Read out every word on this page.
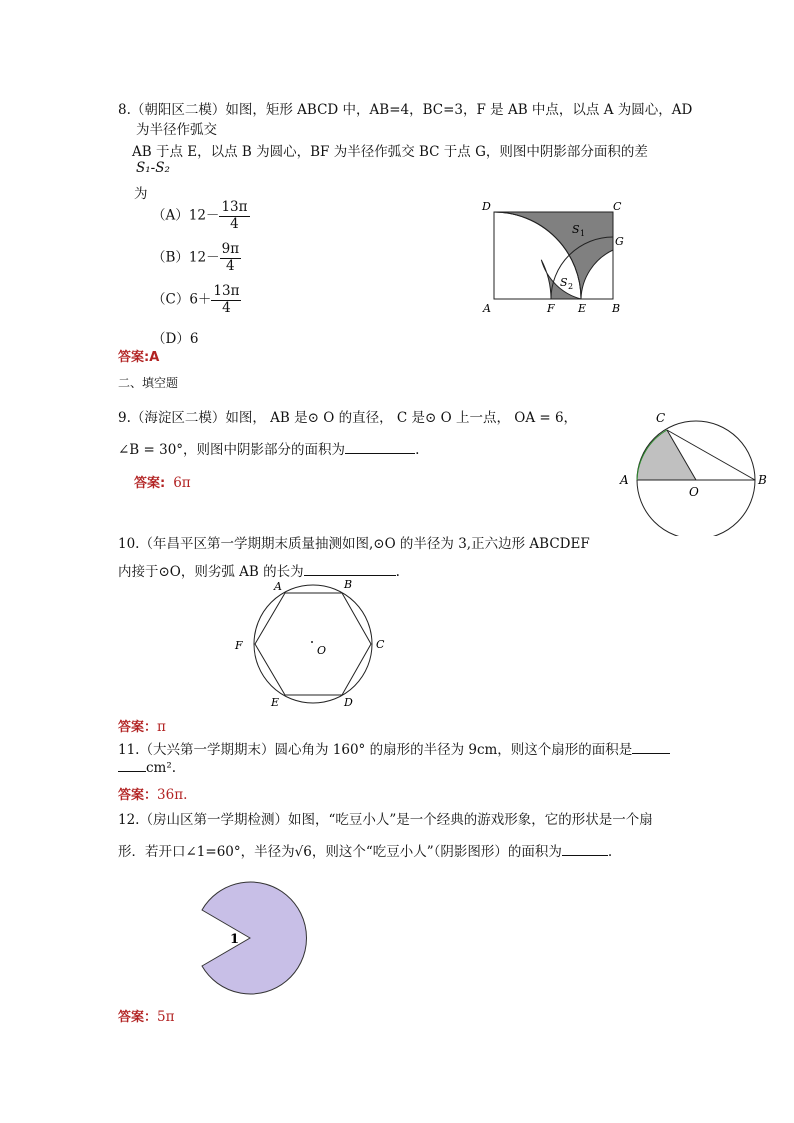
8.（朝阳区二模）如图，矩形 ABCD 中，AB=4，BC=3，F 是 AB 中点，以点 A 为圆心，AD
为半径作弧交
AB 于点 E，以点 B 为圆心，BF 为半径作弧交 BC 于点 G，则图中阴影部分面积的差
S₁-S₂
为
$(A)12- \frac{13\pi}{4}$
$(B)12- \frac{9\pi}{4}$
$(C)6+ \frac{13\pi}{4}$
（D）6
答案:A
D	C
G
A	F E B
S 1
S 2
二、填空题
9.（海淀区二模）如图， AB 是⊙ O 的直径， C 是⊙ O 上一点， OA = 6，
∠B = 30°，则图中阴影部分的面积为	.
答案: 6π
C
A	B
O
10.（年昌平区第一学期期末质量抽测如图,⊙O 的半径为 3,正六边形 ABCDEF
内接于⊙O，则劣弧 AB 的长为	.
A	B
C
D
E
F	O
答案：π
11.（大兴第一学期期末）圆心角为 160° 的扇形的半径为 9cm，则这个扇形的面积是
cm².
答案：36π.
12.（房山区第一学期检测）如图，“吃豆小人”是一个经典的游戏形象，它的形状是一个扇
形．若开口∠1=60°，半径为√6，则这个“吃豆小人”（阴影图形）的面积为	.
1
答案：5π
